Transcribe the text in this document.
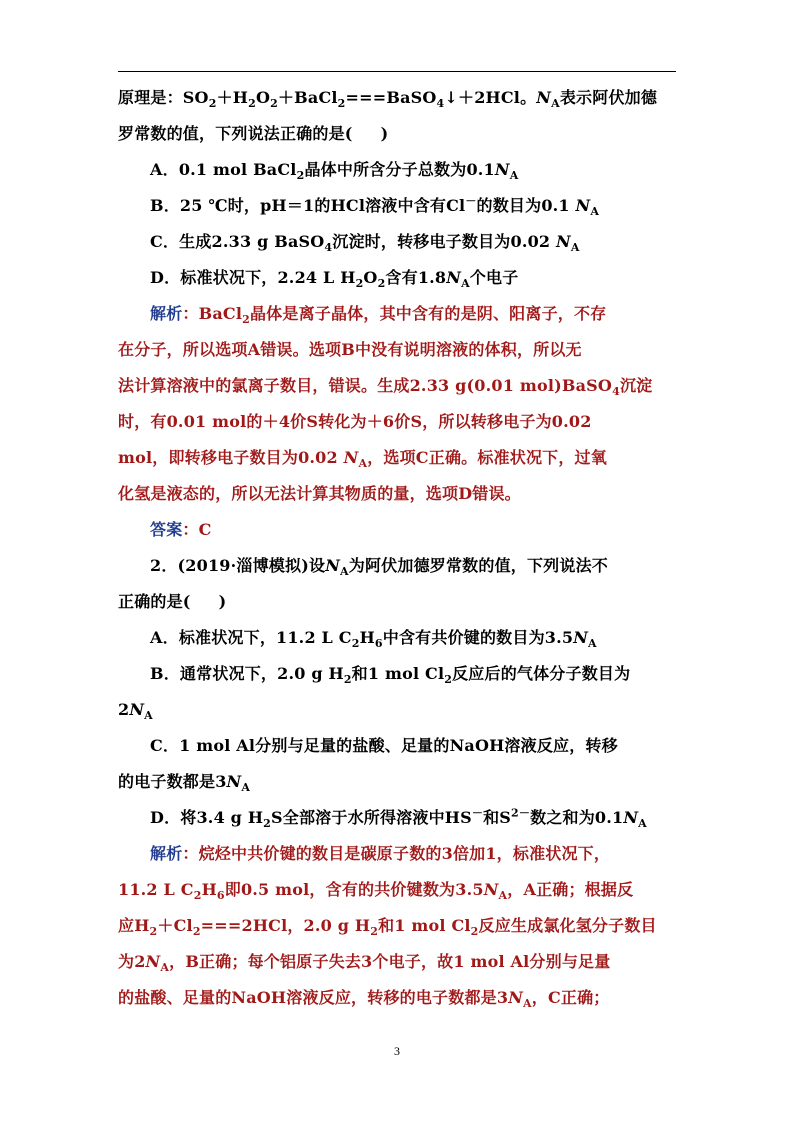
原理是：$SO_2+H_2O_2+BaCl_2===BaSO_4↓+2HCl$。$N_A$表示阿伏加德
罗常数的值，下列说法正确的是( )
A．0.1 mol BaCl$_2$晶体中所含分子总数为$0.1N_A$
B．25 ℃时，pH＝1的HCl溶液中含有Cl－的数目为0.1 $N_A$
C．生成2.33 g BaSO$_4$沉淀时，转移电子数目为0.02 $N_A$
D．标准状况下，2.24 L $H_2O_2$含有$1.8N_A$个电子
解析：BaCl$_2$晶体是离子晶体，其中含有的是阴、阳离子，不存
在分子，所以选项A错误。选项B中没有说明溶液的体积，所以无
法计算溶液中的氯离子数目，错误。生成2.33 g(0.01 mol)BaSO$_4$沉淀
时，有0.01 mol的＋4价S转化为＋6价S，所以转移电子为0.02
mol，即转移电子数目为0.02 $N_A$，选项C正确。标准状况下，过氧
化氢是液态的，所以无法计算其物质的量，选项D错误。
答案：C
2．(2019·淄博模拟)设$N_A$为阿伏加德罗常数的值，下列说法不
正确的是( )
A．标准状况下，11.2 L $C_2H_6$中含有共价键的数目为$3.5N_A$
B．通常状况下，2.0 g $H_2$和1 mol $Cl_2$反应后的气体分子数目为
$2N_A$
C．1 mol Al分别与足量的盐酸、足量的NaOH溶液反应，转移
的电子数都是$3N_A$
D．将3.4 g $H_2S$全部溶于水所得溶液中HS－和$S^{2-}$数之和为$0.1N_A$
解析：烷烃中共价键的数目是碳原子数的3倍加1，标准状况下，
11.2 L $C_2H_6$即0.5 mol，含有的共价键数为$3.5N_A$，A正确；根据反
应$H_2+Cl_2===2HCl$，2.0 g $H_2$和1 mol $Cl_2$反应生成氯化氢分子数目
为$2N_A$，B正确；每个铝原子失去3个电子，故1 mol Al分别与足量
的盐酸、足量的NaOH溶液反应，转移的电子数都是$3N_A$，C正确；
3
